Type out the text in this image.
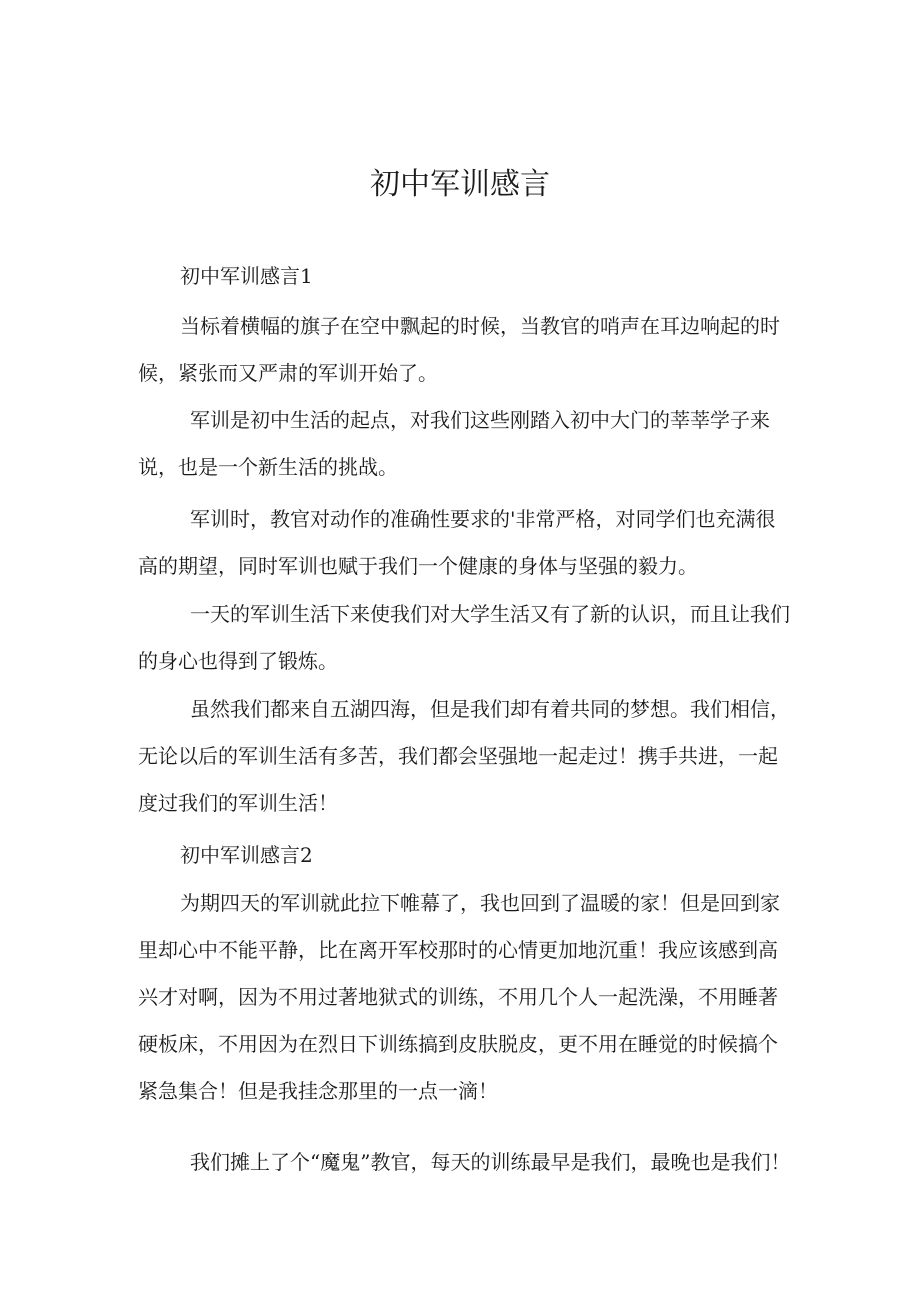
初中军训感言

初中军训感言1

当标着横幅的旗子在空中飘起的时候，当教官的哨声在耳边响起的时候，紧张而又严肃的军训开始了。

军训是初中生活的起点，对我们这些刚踏入初中大门的莘莘学子来说，也是一个新生活的挑战。

军训时，教官对动作的准确性要求的'非常严格，对同学们也充满很高的期望，同时军训也赋于我们一个健康的身体与坚强的毅力。

一天的军训生活下来使我们对大学生活又有了新的认识，而且让我们的身心也得到了锻炼。

虽然我们都来自五湖四海，但是我们却有着共同的梦想。我们相信，无论以后的军训生活有多苦，我们都会坚强地一起走过！携手共进，一起度过我们的军训生活！

初中军训感言2

为期四天的军训就此拉下帷幕了，我也回到了温暖的家！但是回到家里却心中不能平静，比在离开军校那时的心情更加地沉重！我应该感到高兴才对啊，因为不用过著地狱式的训练，不用几个人一起洗澡，不用睡著硬板床，不用因为在烈日下训练搞到皮肤脱皮，更不用在睡觉的时候搞个紧急集合！但是我挂念那里的一点一滴！

我们摊上了个“魔鬼”教官，每天的训练最早是我们，最晚也是我们！
